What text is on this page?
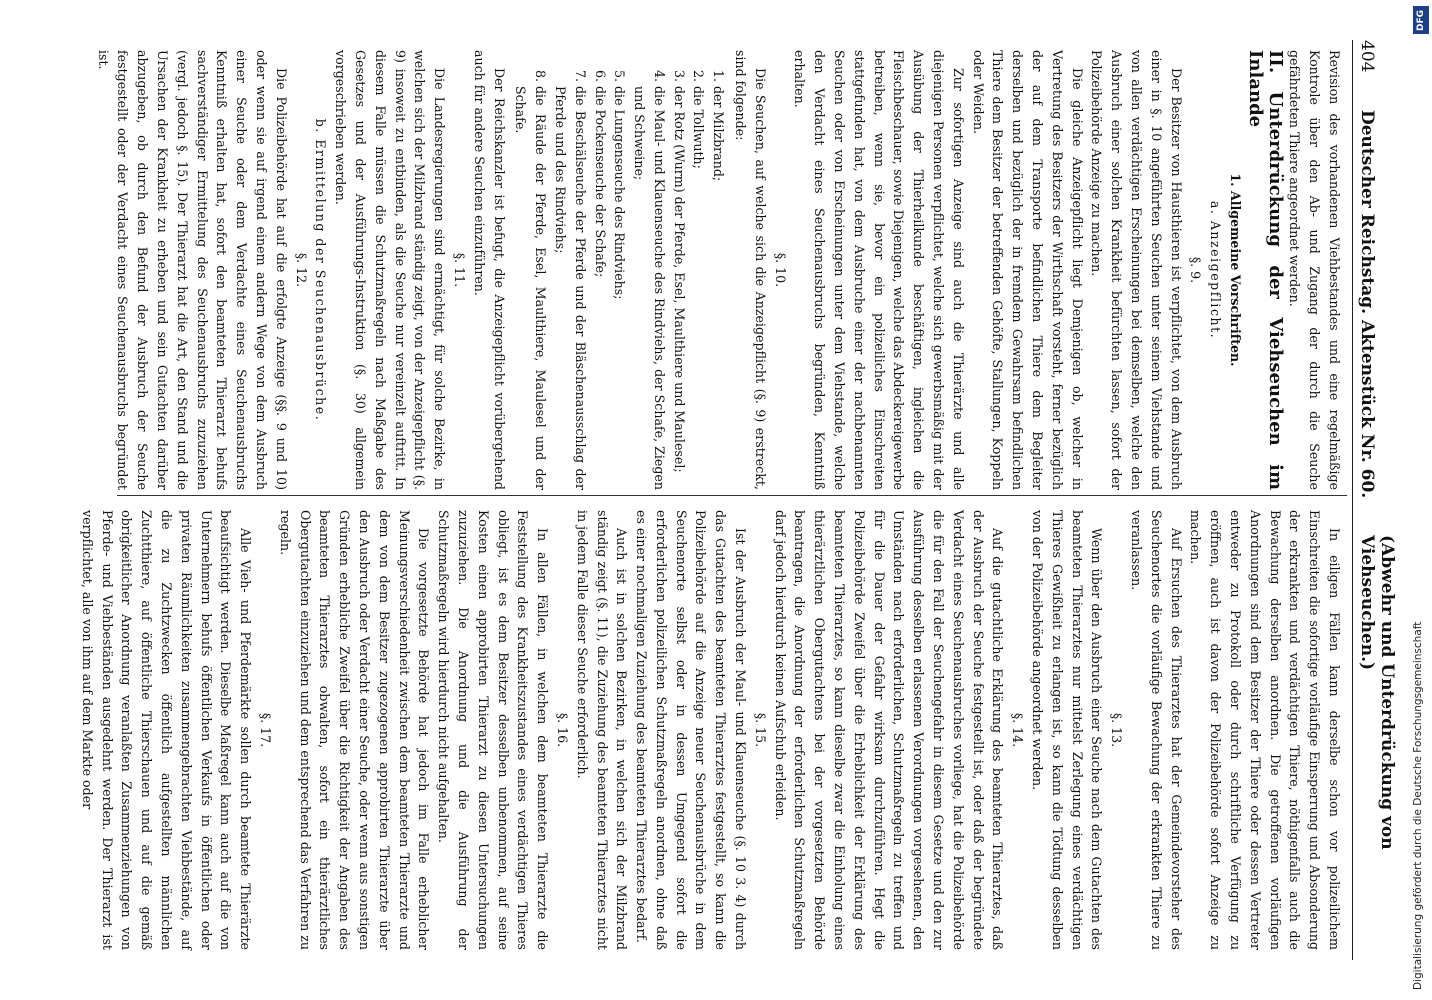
404
Deutscher Reichstag. Aktenstück Nr. 60.
(Abwehr und Unterdrückung von Viehseuchen.)

Revision des vorhandenen Viehbestandes und eine regelmäßige Kontrole über den Ab- und Zugang der durch die Seuche gefährdeten Thiere angeordnet werden.

II. Unterdrückung der Viehseuchen im Inlande

1. Allgemeine Vorschriften.

a. Anzeigepflicht.

§. 9.

Der Besitzer von Hausthieren ist verpflichtet, von dem Ausbruch einer in §. 10 angeführten Seuchen unter seinem Viehstande und von allen verdächtigen Erscheinungen bei demselben, welche den Ausbruch einer solchen Krankheit befürchten lassen, sofort der Polizeibehörde Anzeige zu machen.

Die gleiche Anzeigepflicht liegt Demjenigen ob, welcher in Vertretung des Besitzers der Wirthschaft vorsteht, ferner bezüglich der auf dem Transporte befindlichen Thiere dem Begleiter derselben und bezüglich der in fremdem Gewahrsam befindlichen Thiere dem Besitzer der betreffenden Gehöfte, Stallungen, Koppeln oder Weiden.

Zur sofortigen Anzeige sind auch die Thierärzte und alle diejenigen Personen verpflichtet, welche sich gewerbsmäßig mit der Ausübung der Thierheilkunde beschäftigen, ingleichen die Fleischbeschauer, sowie Diejenigen, welche das Abdeckereigewerbe betreiben, wenn sie, bevor ein polizeiliches Einschreiten stattgefunden hat, von dem Ausbruche einer der nachbenannten Seuchen oder von Erscheinungen unter dem Viehstande, welche den Verdacht eines Seuchenausbruchs begründen, Kenntniß erhalten.

§. 10.

Die Seuchen, auf welche sich die Anzeigepflicht (§. 9) erstreckt, sind folgende:

1. der Milzbrand;
2. die Tollwuth;
3. der Rotz (Wurm) der Pferde, Esel, Maulthiere und Maulesel;
4. die Maul- und Klauenseuche des Rindviehs, der Schafe, Ziegen und Schweine;
5. die Lungenseuche des Rindviehs;
6. die Pockenseuche der Schafe;
7. die Beschälseuche der Pferde und der Bläschenausschlag der Pferde und des Rindviehs;
8. die Räude der Pferde, Esel, Maulthiere, Maulesel und der Schafe.

Der Reichskanzler ist befugt, die Anzeigepflicht vorübergehend auch für andere Seuchen einzuführen.

§. 11.

Die Landesregierungen sind ermächtigt, für solche Bezirke, in welchen sich der Milzbrand ständig zeigt, von der Anzeigepflicht (§. 9) insoweit zu entbinden, als die Seuche nur vereinzelt auftritt. In diesem Falle müssen die Schutzmaßregeln nach Maßgabe des Gesetzes und der Ausführungs-Instruktion (§. 30) allgemein vorgeschrieben werden.

b. Ermittelung der Seuchenausbrüche.

§. 12.

Die Polizeibehörde hat auf die erfolgte Anzeige (§§. 9 und 10) oder wenn sie auf irgend einem andern Wege von dem Ausbruch einer Seuche oder dem Verdachte eines Seuchenausbruchs Kenntniß erhalten hat, sofort den beamteten Thierarzt behufs sachverständiger Ermittelung des Seuchenausbruchs zuzuziehen (vergl. jedoch §. 15). Der Thierarzt hat die Art, den Stand und die Ursachen der Krankheit zu erheben und sein Gutachten darüber abzugeben, ob durch den Befund der Ausbruch der Seuche festgestellt oder der Verdacht eines Seuchenausbruchs begründet ist.

In eiligen Fällen kann derselbe schon vor polizeilichem Einschreiten die sofortige vorläufige Einsperrung und Absonderung der erkrankten und verdächtigen Thiere, nöthigenfalls auch die Bewachung derselben anordnen. Die getroffenen vorläufigen Anordnungen sind dem Besitzer der Thiere oder dessen Vertreter entweder zu Protokoll oder durch schriftliche Verfügung zu eröffnen, auch ist davon der Polizeibehörde sofort Anzeige zu machen.

Auf Ersuchen des Thierarztes hat der Gemeindevorsteher des Seuchenortes die vorläufige Bewachung der erkrankten Thiere zu veranlassen.

§. 13.

Wenn über den Ausbruch einer Seuche nach dem Gutachten des beamteten Thierarztes nur mittelst Zerlegung eines verdächtigen Thieres Gewißheit zu erlangen ist, so kann die Tödtung desselben von der Polizeibehörde angeordnet werden.

§. 14.

Auf die gutachtliche Erklärung des beamteten Thierarztes, daß der Ausbruch der Seuche festgestellt ist, oder daß der begründete Verdacht eines Seuchenausbruches vorliege, hat die Polizeibehörde die für den Fall der Seuchengefahr in diesem Gesetze und den zur Ausführung desselben erlassenen Verordnungen vorgesehenen, den Umständen nach erforderlichen, Schutzmaßregeln zu treffen und für die Dauer der Gefahr wirksam durchzuführen. Hegt die Polizeibehörde Zweifel über die Erheblichkeit der Erklärung des beamteten Thierarztes, so kann dieselbe zwar die Einholung eines thierärztlichen Obergutachtens bei der vorgesetzten Behörde beantragen, die Anordnung der erforderlichen Schutzmaßregeln darf jedoch hierdurch keinen Aufschub erleiden.

§. 15.

Ist der Ausbruch der Maul- und Klauenseuche (§. 10 3. 4) durch das Gutachten des beamteten Thierarztes festgestellt, so kann die Polizeibehörde auf die Anzeige neuer Seuchenausbrüche in dem Seuchenorte selbst oder in dessen Umgegend sofort die erforderlichen polizeilichen Schutzmaßregeln anordnen, ohne daß es einer nochmaligen Zuziehung des beamteten Thierarztes bedarf.

Auch ist in solchen Bezirken, in welchen sich der Milzbrand ständig zeigt (§. 11), die Zuziehung des beamteten Thierarztes nicht in jedem Falle dieser Seuche erforderlich.

§. 16.

In allen Fällen, in welchen dem beamteten Thierarzte die Feststellung des Krankheitszustandes eines verdächtigen Thieres obliegt, ist es dem Besitzer desselben unbenommen, auf seine Kosten einen approbirten Thierarzt zu diesen Untersuchungen zuzuziehen. Die Anordnung und die Ausführung der Schutzmaßregeln wird hierdurch nicht aufgehalten.

Die vorgesetzte Behörde hat jedoch im Falle erheblicher Meinungsverschiedenheit zwischen dem beamteten Thierarzte und dem von dem Besitzer zugezogenen approbirten Thierarzte über den Ausbruch oder Verdacht einer Seuche, oder wenn aus sonstigen Gründen erhebliche Zweifel über die Richtigkeit der Angaben des beamteten Thierarztes obwalten, sofort ein thierärztliches Obergutachten einzuziehen und dem entsprechend das Verfahren zu regeln.

§. 17.

Alle Vieh- und Pferdemärkte sollen durch beamtete Thierärzte beaufsichtigt werden. Dieselbe Maßregel kann auch auf die von Unternehmern behufs öffentlichen Verkaufs in öffentlichen oder privaten Räumlichkeiten zusammengebrachten Viehbestände, auf die zu Zuchtzwecken öffentlich aufgestellten männlichen Zuchtthiere, auf öffentliche Thierschauen und auf die gemäß obrigkeitlicher Anordnung veranlaßten Zusammenziehungen von Pferde- und Viehbeständen ausgedehnt werden. Der Thierarzt ist verpflichtet, alle von ihm auf dem Markte oder

DFG
Digitalisierung gefördert durch die Deutsche Forschungsgemeinschaft
